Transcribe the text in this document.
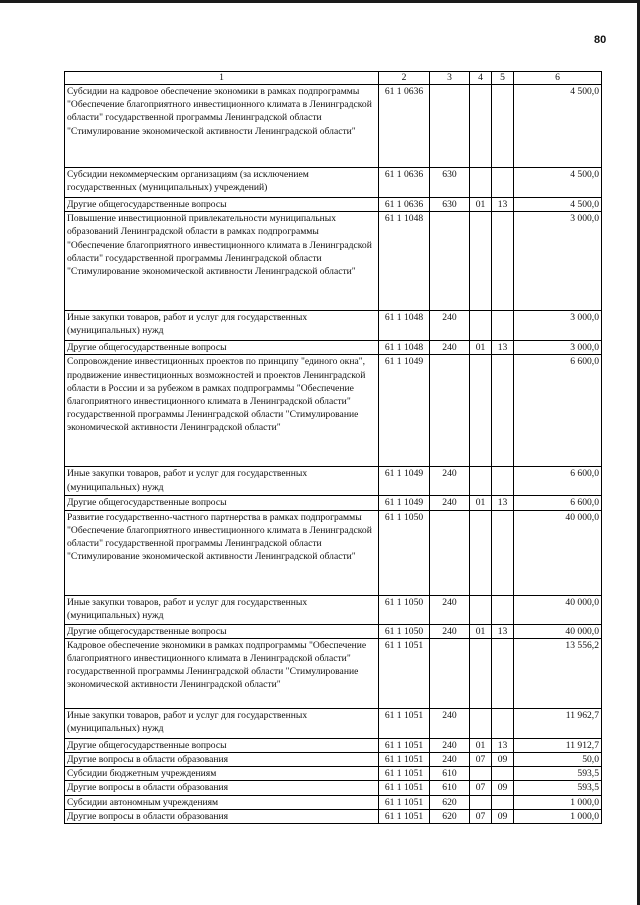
80
1	2	3	4	5	6
Субсидии на кадровое обеспечение экономики в рамках подпрограммы "Обеспечение благоприятного инвестиционного климата в Ленинградской области" государственной программы Ленинградской области "Стимулирование экономической активности Ленинградской области"	61 1 0636				4 500,0
Субсидии некоммерческим организациям (за исключением государственных (муниципальных) учреждений)	61 1 0636	630			4 500,0
Другие общегосударственные вопросы	61 1 0636	630	01	13	4 500,0
Повышение инвестиционной привлекательности муниципальных образований Ленинградской области в рамках подпрограммы "Обеспечение благоприятного инвестиционного климата в Ленинградской области" государственной программы Ленинградской области "Стимулирование экономической активности Ленинградской области"	61 1 1048				3 000,0
Иные закупки товаров, работ и услуг для государственных (муниципальных) нужд	61 1 1048	240			3 000,0
Другие общегосударственные вопросы	61 1 1048	240	01	13	3 000,0
Сопровождение инвестиционных проектов по принципу "единого окна", продвижение инвестиционных возможностей и проектов Ленинградской области в России и за рубежом в рамках подпрограммы "Обеспечение благоприятного инвестиционного климата в Ленинградской области" государственной программы Ленинградской области "Стимулирование экономической активности Ленинградской области"	61 1 1049				6 600,0
Иные закупки товаров, работ и услуг для государственных (муниципальных) нужд	61 1 1049	240			6 600,0
Другие общегосударственные вопросы	61 1 1049	240	01	13	6 600,0
Развитие государственно-частного партнерства в рамках подпрограммы "Обеспечение благоприятного инвестиционного климата в Ленинградской области" государственной программы Ленинградской области "Стимулирование экономической активности Ленинградской области"	61 1 1050				40 000,0
Иные закупки товаров, работ и услуг для государственных (муниципальных) нужд	61 1 1050	240			40 000,0
Другие общегосударственные вопросы	61 1 1050	240	01	13	40 000,0
Кадровое обеспечение экономики в рамках подпрограммы "Обеспечение благоприятного инвестиционного климата в Ленинградской области" государственной программы Ленинградской области "Стимулирование экономической активности Ленинградской области"	61 1 1051				13 556,2
Иные закупки товаров, работ и услуг для государственных (муниципальных) нужд	61 1 1051	240			11 962,7
Другие общегосударственные вопросы	61 1 1051	240	01	13	11 912,7
Другие вопросы в области образования	61 1 1051	240	07	09	50,0
Субсидии бюджетным учреждениям	61 1 1051	610			593,5
Другие вопросы в области образования	61 1 1051	610	07	09	593,5
Субсидии автономным учреждениям	61 1 1051	620			1 000,0
Другие вопросы в области образования	61 1 1051	620	07	09	1 000,0
